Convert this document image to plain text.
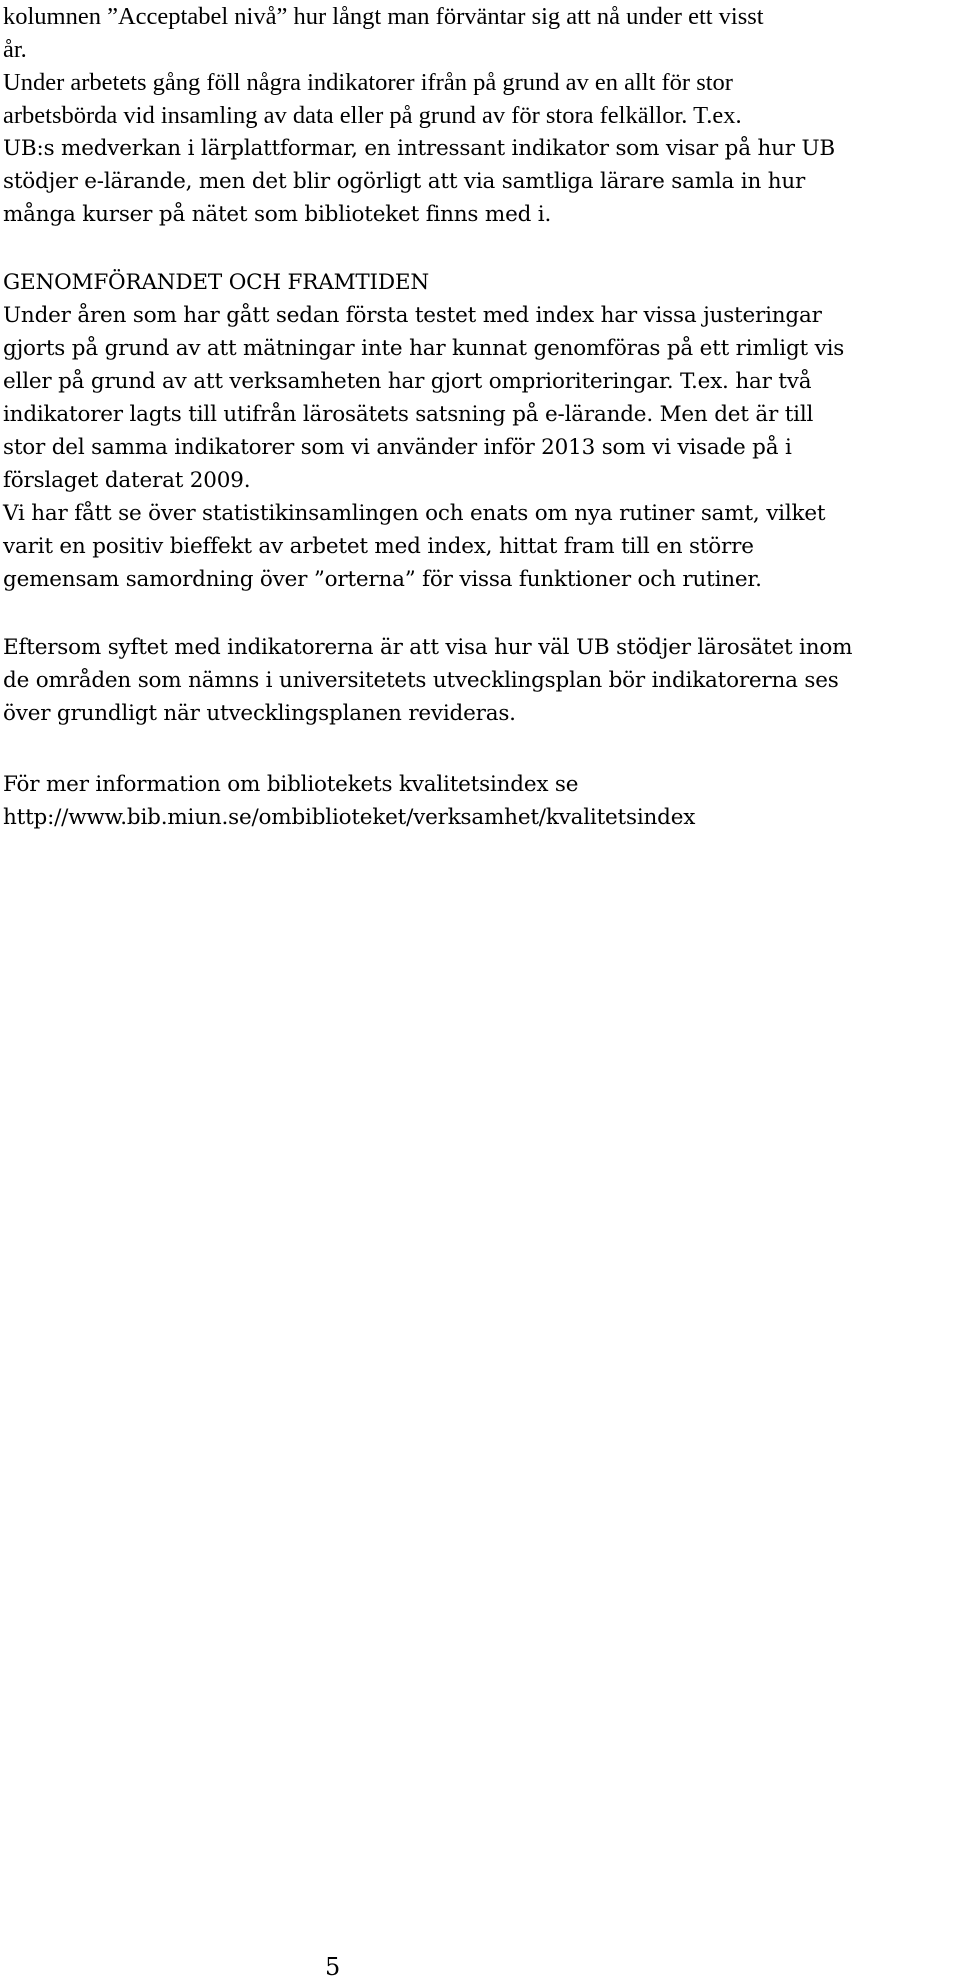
kolumnen ”Acceptabel nivå” hur långt man förväntar sig att nå under ett visst
år.
Under arbetets gång föll några indikatorer ifrån på grund av en allt för stor
arbetsbörda vid insamling av data eller på grund av för stora felkällor. T.ex.
UB:s medverkan i lärplattformar, en intressant indikator som visar på hur UB
stödjer e-lärande, men det blir ogörligt att via samtliga lärare samla in hur
många kurser på nätet som biblioteket finns med i.
GENOMFÖRANDET OCH FRAMTIDEN
Under åren som har gått sedan första testet med index har vissa justeringar
gjorts på grund av att mätningar inte har kunnat genomföras på ett rimligt vis
eller på grund av att verksamheten har gjort omprioriteringar. T.ex. har två
indikatorer lagts till utifrån lärosätets satsning på e-lärande. Men det är till
stor del samma indikatorer som vi använder inför 2013 som vi visade på i
förslaget daterat 2009.
Vi har fått se över statistikinsamlingen och enats om nya rutiner samt, vilket
varit en positiv bieffekt av arbetet med index, hittat fram till en större
gemensam samordning över ”orterna” för vissa funktioner och rutiner.
Eftersom syftet med indikatorerna är att visa hur väl UB stödjer lärosätet inom
de områden som nämns i universitetets utvecklingsplan bör indikatorerna ses
över grundligt när utvecklingsplanen revideras.
För mer information om bibliotekets kvalitetsindex se
http://www.bib.miun.se/ombiblioteket/verksamhet/kvalitetsindex
5
